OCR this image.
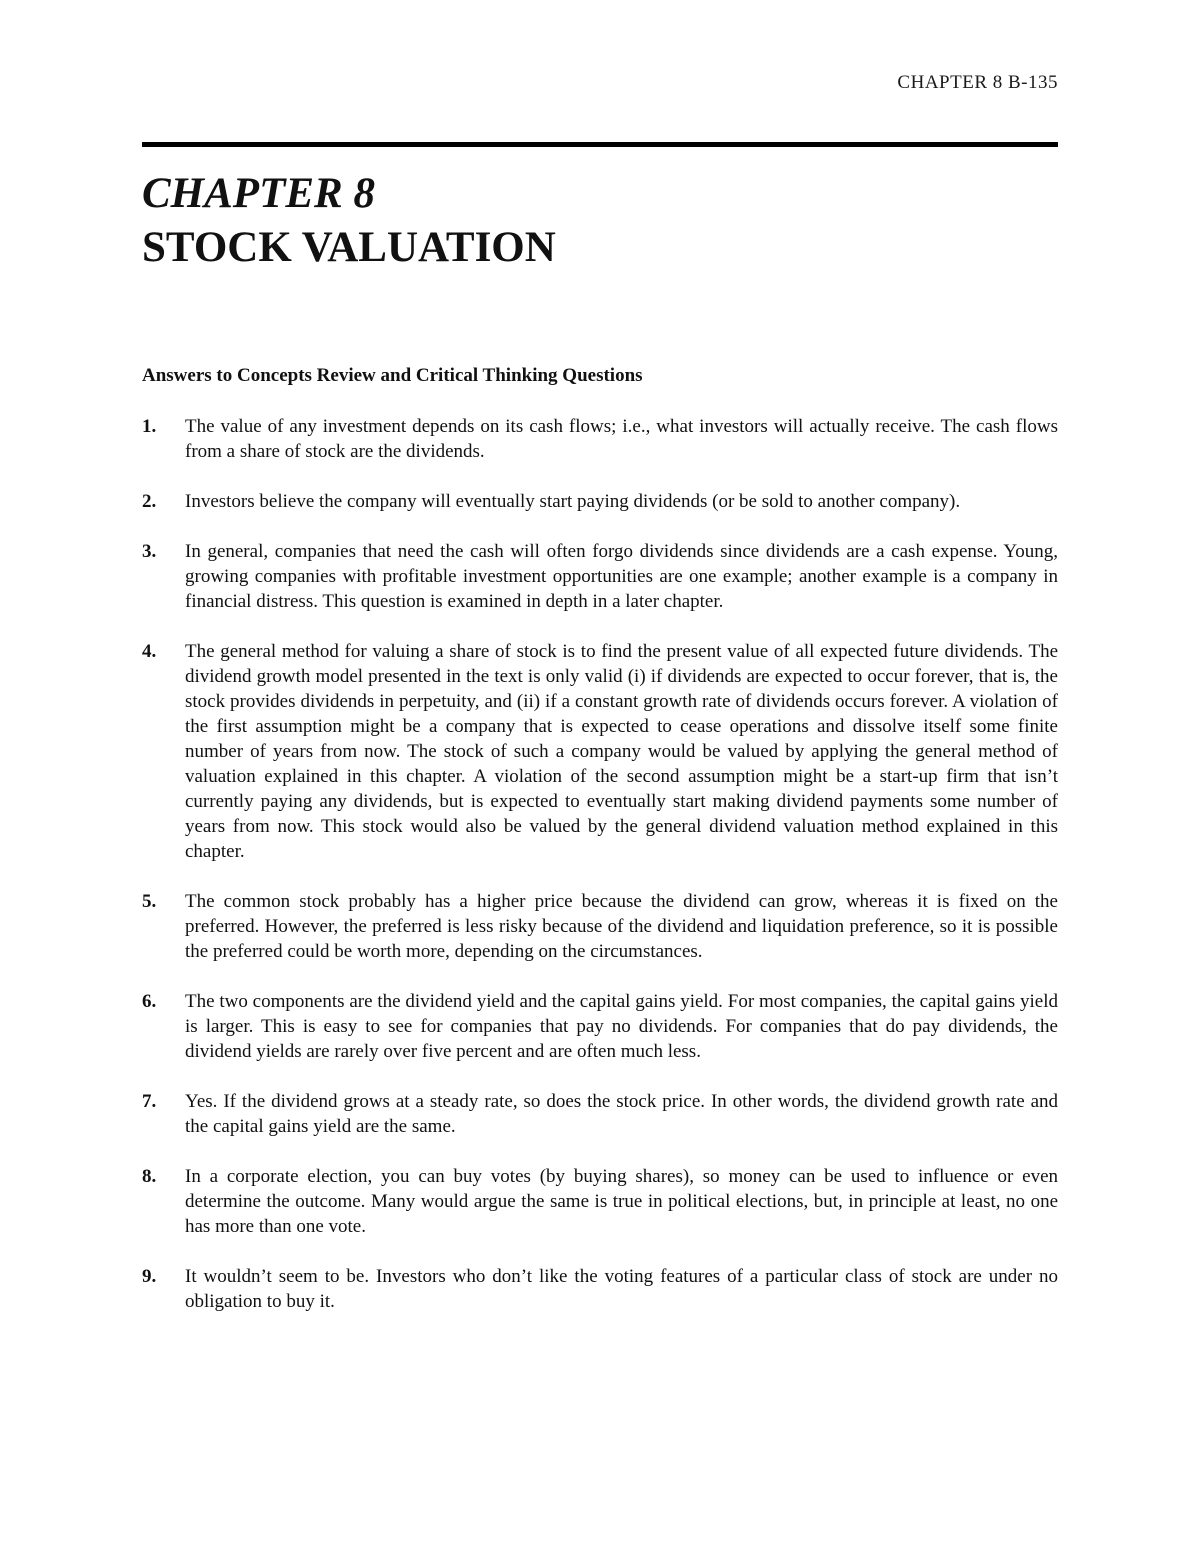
CHAPTER 8 B-135
CHAPTER 8
STOCK VALUATION
Answers to Concepts Review and Critical Thinking Questions
1.	The value of any investment depends on its cash flows; i.e., what investors will actually receive. The cash flows from a share of stock are the dividends.
2.	Investors believe the company will eventually start paying dividends (or be sold to another company).
3.	In general, companies that need the cash will often forgo dividends since dividends are a cash expense. Young, growing companies with profitable investment opportunities are one example; another example is a company in financial distress. This question is examined in depth in a later chapter.
4.	The general method for valuing a share of stock is to find the present value of all expected future dividends. The dividend growth model presented in the text is only valid (i) if dividends are expected to occur forever, that is, the stock provides dividends in perpetuity, and (ii) if a constant growth rate of dividends occurs forever. A violation of the first assumption might be a company that is expected to cease operations and dissolve itself some finite number of years from now. The stock of such a company would be valued by applying the general method of valuation explained in this chapter. A violation of the second assumption might be a start-up firm that isn’t currently paying any dividends, but is expected to eventually start making dividend payments some number of years from now. This stock would also be valued by the general dividend valuation method explained in this chapter.
5.	The common stock probably has a higher price because the dividend can grow, whereas it is fixed on the preferred. However, the preferred is less risky because of the dividend and liquidation preference, so it is possible the preferred could be worth more, depending on the circumstances.
6.	The two components are the dividend yield and the capital gains yield. For most companies, the capital gains yield is larger. This is easy to see for companies that pay no dividends. For companies that do pay dividends, the dividend yields are rarely over five percent and are often much less.
7.	Yes. If the dividend grows at a steady rate, so does the stock price. In other words, the dividend growth rate and the capital gains yield are the same.
8.	In a corporate election, you can buy votes (by buying shares), so money can be used to influence or even determine the outcome. Many would argue the same is true in political elections, but, in principle at least, no one has more than one vote.
9.	It wouldn’t seem to be. Investors who don’t like the voting features of a particular class of stock are under no obligation to buy it.
